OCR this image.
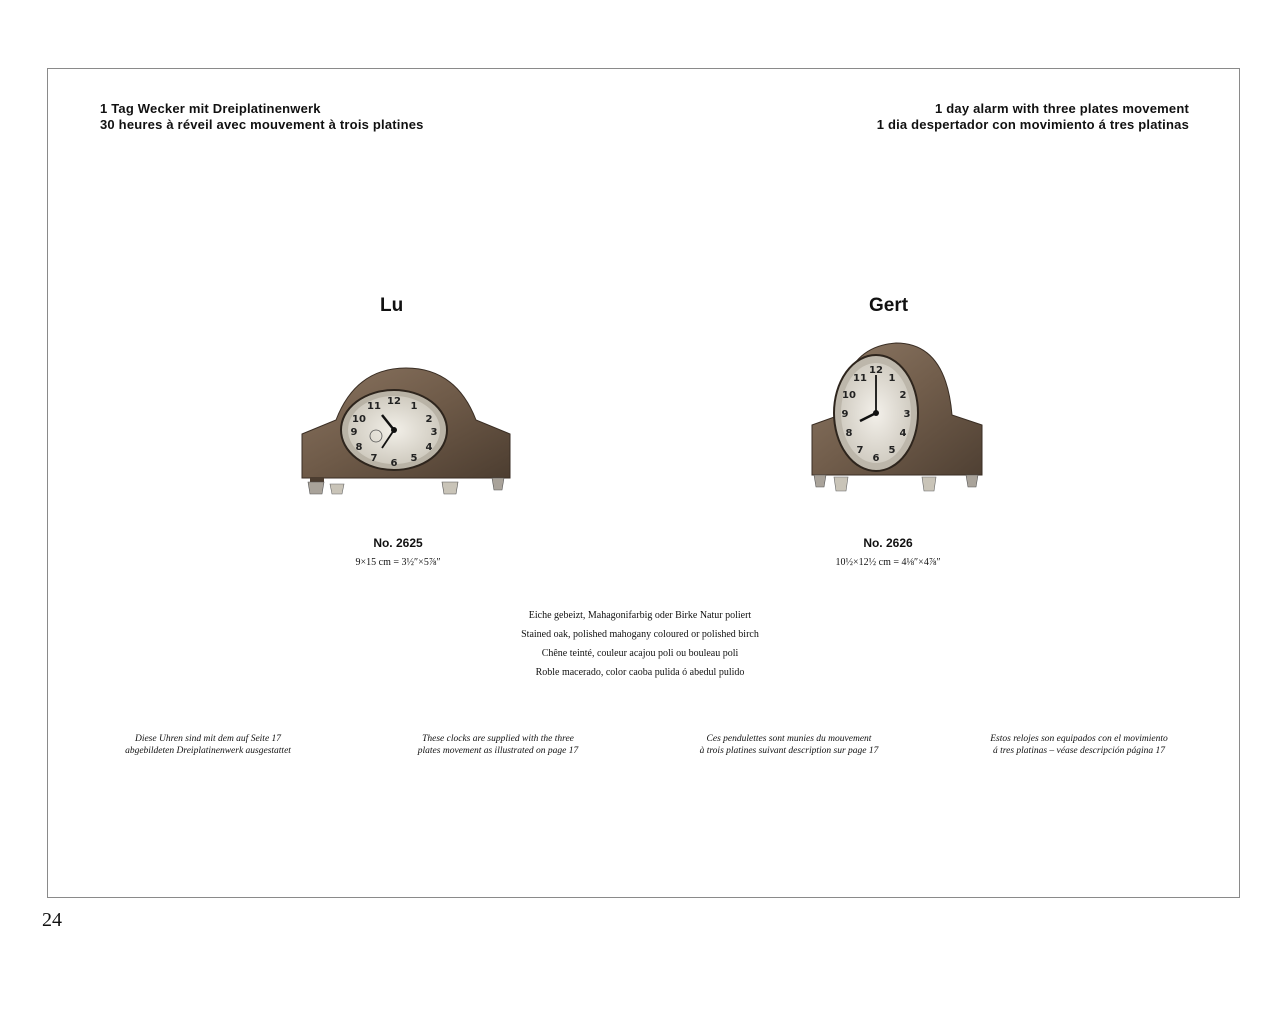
1 Tag Wecker mit Dreiplatinenwerk
30 heures à réveil avec mouvement à trois platines
1 day alarm with three plates movement
1 dia despertador con movimiento á tres platinas
Lu	Gert
12 1
2
3
4
5
6
7
8
9
10
11
12
1
2
3
4
5
6
7
8
9
10
11
No. 2625
9×15 cm = 3½″×5⅞″
No. 2626
10½×12½ cm = 4⅛″×4⅞″
Eiche gebeizt, Mahagonifarbig oder Birke Natur poliert
Stained oak, polished mahogany coloured or polished birch
Chêne teinté, couleur acajou poli ou bouleau poli
Roble macerado, color caoba pulida ó abedul pulido
Diese Uhren sind mit dem auf Seite 17
abgebildeten Dreiplatinenwerk ausgestattet
These clocks are supplied with the three
plates movement as illustrated on page 17
Ces pendulettes sont munies du mouvement
à trois platines suivant description sur page 17
Estos relojes son equipados con el movimiento
á tres platinas – véase descripción página 17
24
